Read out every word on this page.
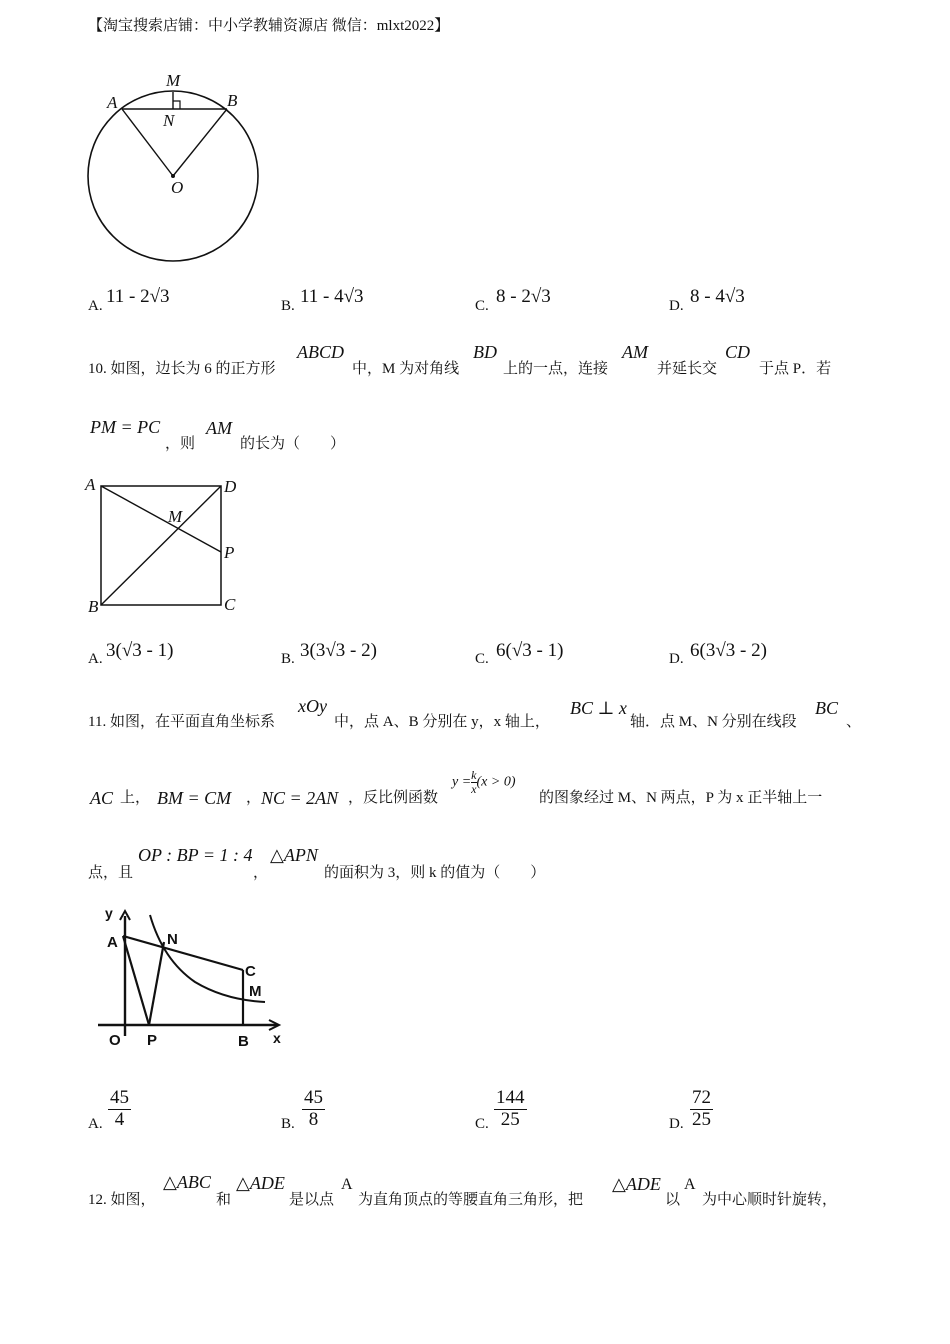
【淘宝搜索店铺：中小学教辅资源店 微信：mlxt2022】
M
A	B
N
O
A. 11 - 2√3	B. 11 - 4√3	C. 8 - 2√3	D. 8 - 4√3
10. 如图，边长为 6 的正方形
ABCD
中，M 为对角线
BD
上的一点，连接
AM
并延长交
CD
于点 P．若
PM = PC
，则
AM
的长为（　　）
A	D
M
P
B	C
A. 3(√3 - 1)	B. 3(3√3 - 2)	C. 6(√3 - 1)	D. 6(3√3 - 2)
11. 如图，在平面直角坐标系
xOy
中，点 A、B 分别在 y，x 轴上，
BC ⊥ x
轴．点 M、N 分别在线段
BC
、
AC 上， BM = CM ， NC = 2AN ，反比例函数
$y = \frac{k}{x} (x > 0)$
的图象经过 M、N 两点，P 为 x 正半轴上一
点，且
OP : BP = 1 : 4
，
△APN
的面积为 3，则 k 的值为（　　）
y
A	N
C
M
O P	B x
A. $\frac{45}{4}$	B. $\frac{45}{8}$	C. $\frac{144}{25}$	D. $\frac{72}{25}$
12. 如图，
△ABC
和
△ADE
是以点
A
为直角顶点的等腰直角三角形，把
△ADE
以
A
为中心顺时针旋转，
